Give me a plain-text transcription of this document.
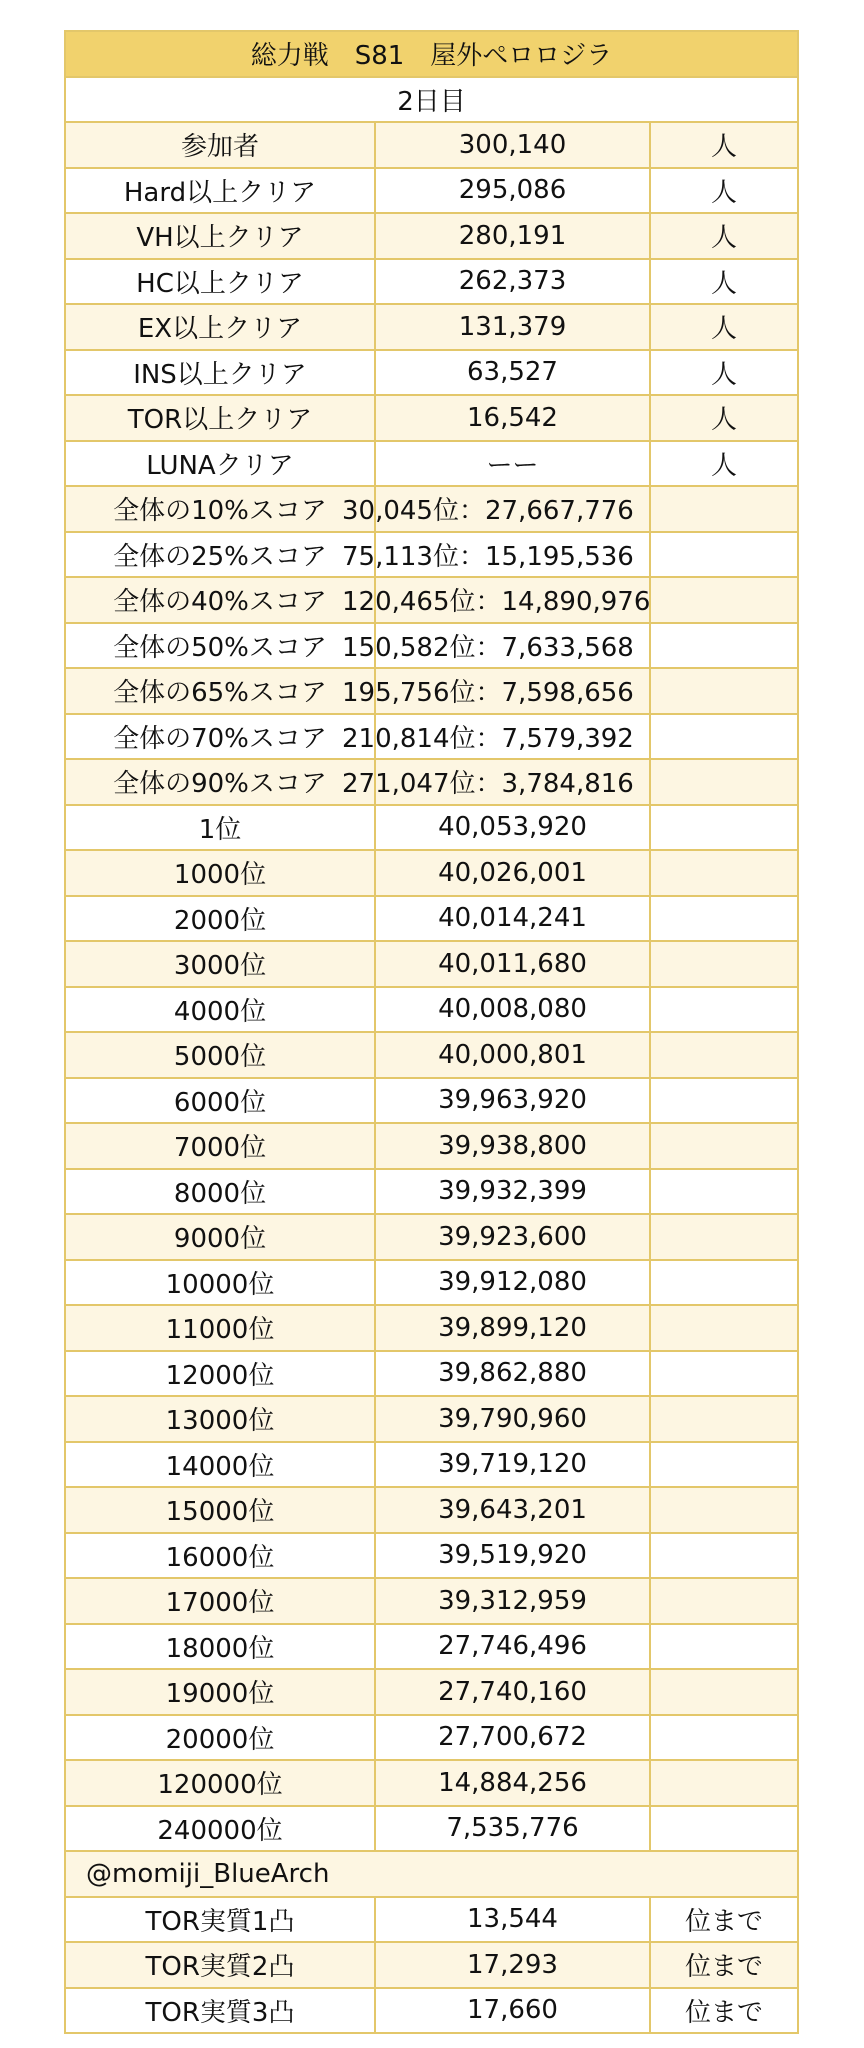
総力戦　S81　屋外ペロロジラ		
2日目		
参加者	300,140	人
Hard以上クリア	295,086	人
VH以上クリア	280,191	人
HC以上クリア	262,373	人
EX以上クリア	131,379	人
INS以上クリア	63,527	人
TOR以上クリア	16,542	人
LUNAクリア	ーー	人
全体の10%スコア	30,045位：27,667,776	
全体の25%スコア	75,113位：15,195,536	
全体の40%スコア	120,465位：14,890,976	
全体の50%スコア	150,582位：7,633,568	
全体の65%スコア	195,756位：7,598,656	
全体の70%スコア	210,814位：7,579,392	
全体の90%スコア	271,047位：3,784,816	
1位	40,053,920	
1000位	40,026,001	
2000位	40,014,241	
3000位	40,011,680	
4000位	40,008,080	
5000位	40,000,801	
6000位	39,963,920	
7000位	39,938,800	
8000位	39,932,399	
9000位	39,923,600	
10000位	39,912,080	
11000位	39,899,120	
12000位	39,862,880	
13000位	39,790,960	
14000位	39,719,120	
15000位	39,643,201	
16000位	39,519,920	
17000位	39,312,959	
18000位	27,746,496	
19000位	27,740,160	
20000位	27,700,672	
120000位	14,884,256	
240000位	7,535,776	
@momiji_BlueArch		
TOR実質1凸	13,544	位まで
TOR実質2凸	17,293	位まで
TOR実質3凸	17,660	位まで
